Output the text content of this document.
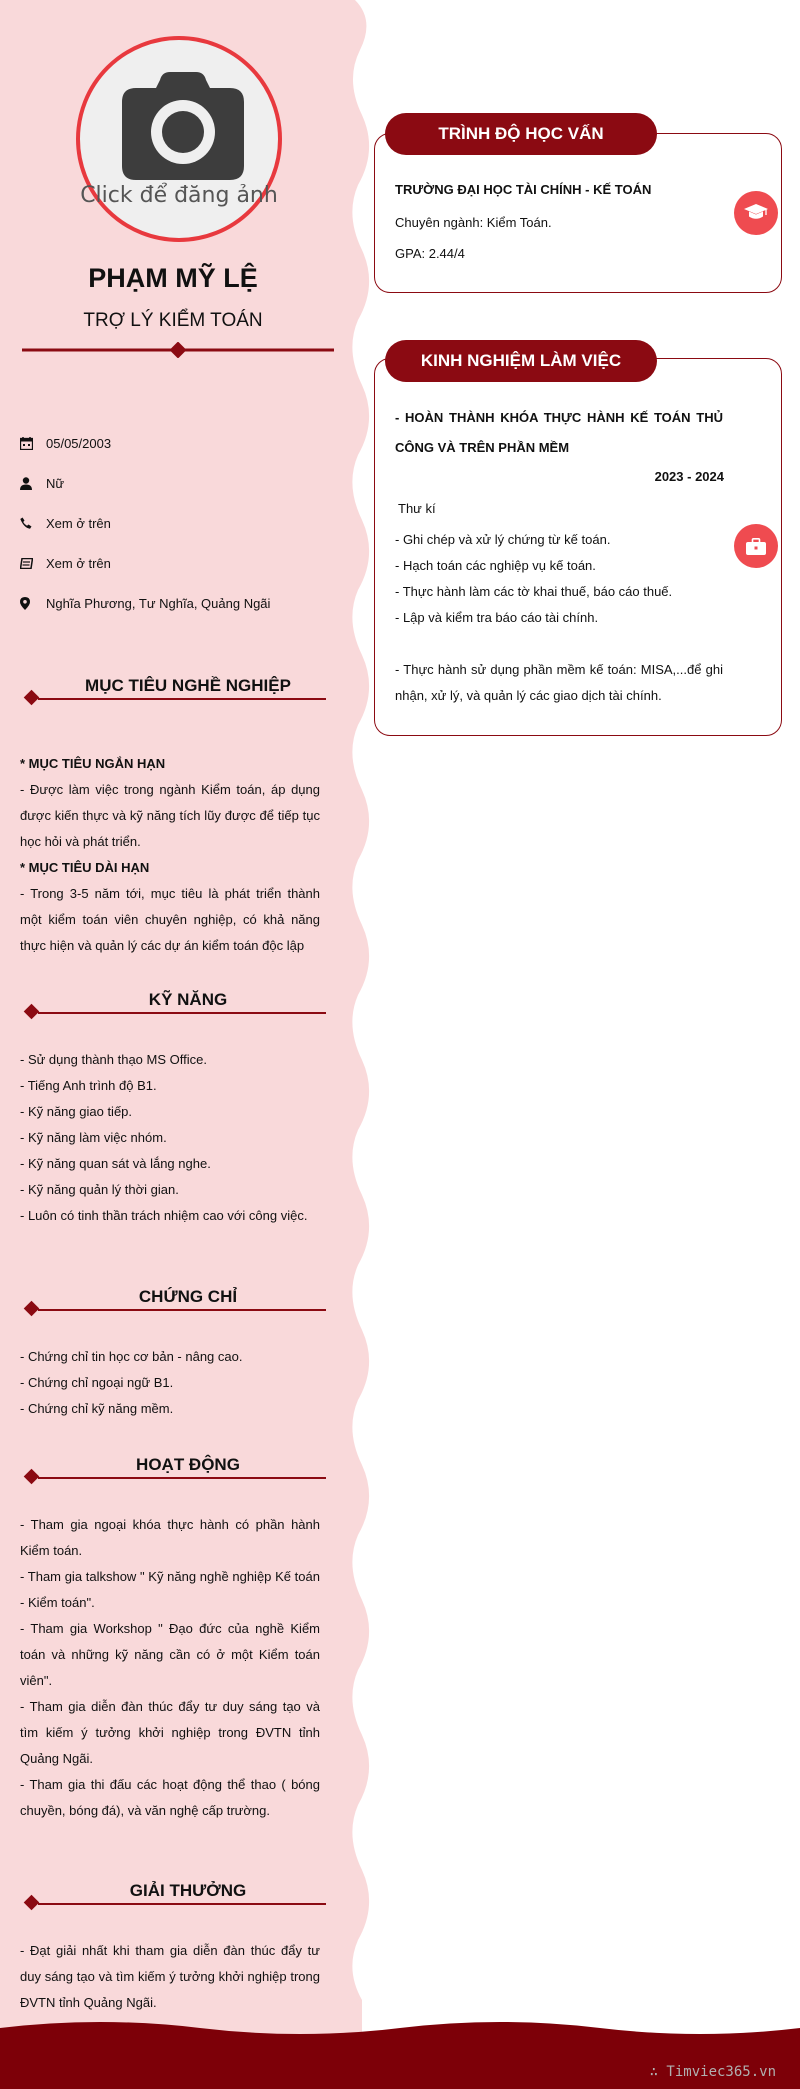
Click để đăng ảnh
PHẠM MỸ LỆ
TRỢ LÝ KIỂM TOÁN
05/05/2003
Nữ
Xem ở trên
Xem ở trên
Nghĩa Phương, Tư Nghĩa, Quảng Ngãi
MỤC TIÊU NGHỀ NGHIỆP
* MỤC TIÊU NGẮN HẠN
- Được làm việc trong ngành Kiểm toán, áp dụng được kiến thực và kỹ năng tích lũy được để tiếp tục học hỏi và phát triển.
* MỤC TIÊU DÀI HẠN
- Trong 3-5 năm tới, mục tiêu là phát triển thành một kiểm toán viên chuyên nghiệp, có khả năng thực hiện và quản lý các dự án kiểm toán độc lập
KỸ NĂNG
- Sử dụng thành thạo MS Office.
- Tiếng Anh trình độ B1.
- Kỹ năng giao tiếp.
- Kỹ năng làm việc nhóm.
- Kỹ năng quan sát và lắng nghe.
- Kỹ năng quản lý thời gian.
- Luôn có tinh thần trách nhiệm cao với công việc.
CHỨNG CHỈ
- Chứng chỉ tin học cơ bản - nâng cao.
- Chứng chỉ ngoại ngữ B1.
- Chứng chỉ kỹ năng mềm.
HOẠT ĐỘNG
- Tham gia ngoại khóa thực hành có phần hành Kiểm toán.
- Tham gia talkshow " Kỹ năng nghề nghiệp Kế toán - Kiểm toán".
- Tham gia Workshop " Đạo đức của nghề Kiểm toán và những kỹ năng cần có ở một Kiểm toán viên".
- Tham gia diễn đàn thúc đẩy tư duy sáng tạo và tìm kiếm ý tưởng khởi nghiệp trong ĐVTN tỉnh Quảng Ngãi.
- Tham gia thi đấu các hoạt động thể thao ( bóng chuyền, bóng đá), và văn nghệ cấp trường.
GIẢI THƯỞNG
- Đạt giải nhất khi tham gia diễn đàn thúc đẩy tư duy sáng tạo và tìm kiếm ý tưởng khởi nghiệp trong ĐVTN tỉnh Quảng Ngãi.
TRÌNH ĐỘ HỌC VẤN
TRƯỜNG ĐẠI HỌC TÀI CHÍNH - KẾ TOÁN
Chuyên ngành: Kiểm Toán.
GPA: 2.44/4
KINH NGHIỆM LÀM VIỆC
- HOÀN THÀNH KHÓA THỰC HÀNH KẾ TOÁN THỦ CÔNG VÀ TRÊN PHẦN MỀM
2023 - 2024
Thư kí
- Ghi chép và xử lý chứng từ kế toán.
- Hạch toán các nghiệp vụ kế toán.
- Thực hành làm các tờ khai thuế, báo cáo thuế.
- Lập và kiểm tra báo cáo tài chính.
- Thực hành sử dụng phần mềm kế toán: MISA,...để ghi nhận, xử lý, và quản lý các giao dịch tài chính.
∴ Timviec365.vn
